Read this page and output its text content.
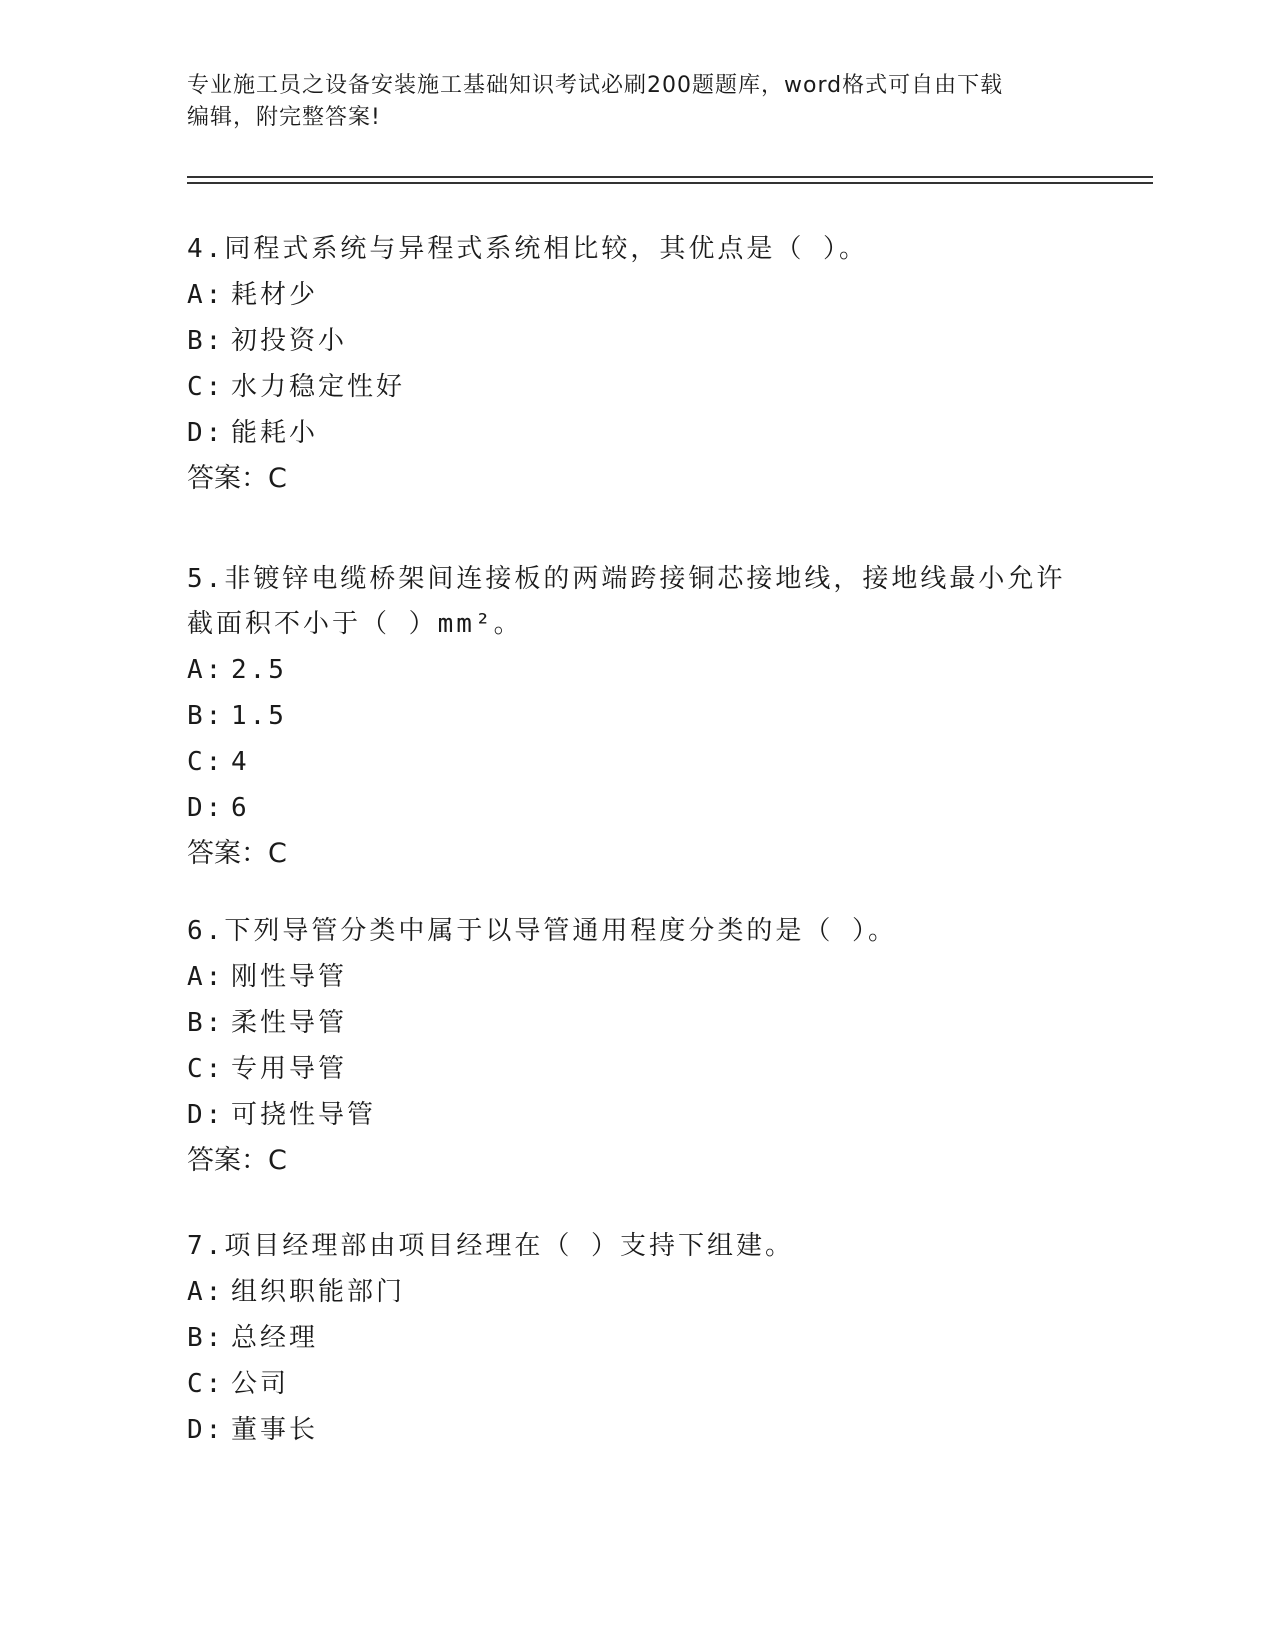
专业施工员之设备安装施工基础知识考试必刷200题题库，word格式可自由下载
编辑，附完整答案!

4.同程式系统与异程式系统相比较，其优点是（ ）。

A: 耗材少

B: 初投资小

C: 水力稳定性好

D: 能耗小

答案：C

5.非镀锌电缆桥架间连接板的两端跨接铜芯接地线，接地线最小允许截面积不小于（ ）mm²。

A: 2.5

B: 1.5

C: 4

D: 6

答案：C

6.下列导管分类中属于以导管通用程度分类的是（ ）。

A: 刚性导管

B: 柔性导管

C: 专用导管

D: 可挠性导管

答案：C

7.项目经理部由项目经理在（ ）支持下组建。

A: 组织职能部门

B: 总经理

C: 公司

D: 董事长
